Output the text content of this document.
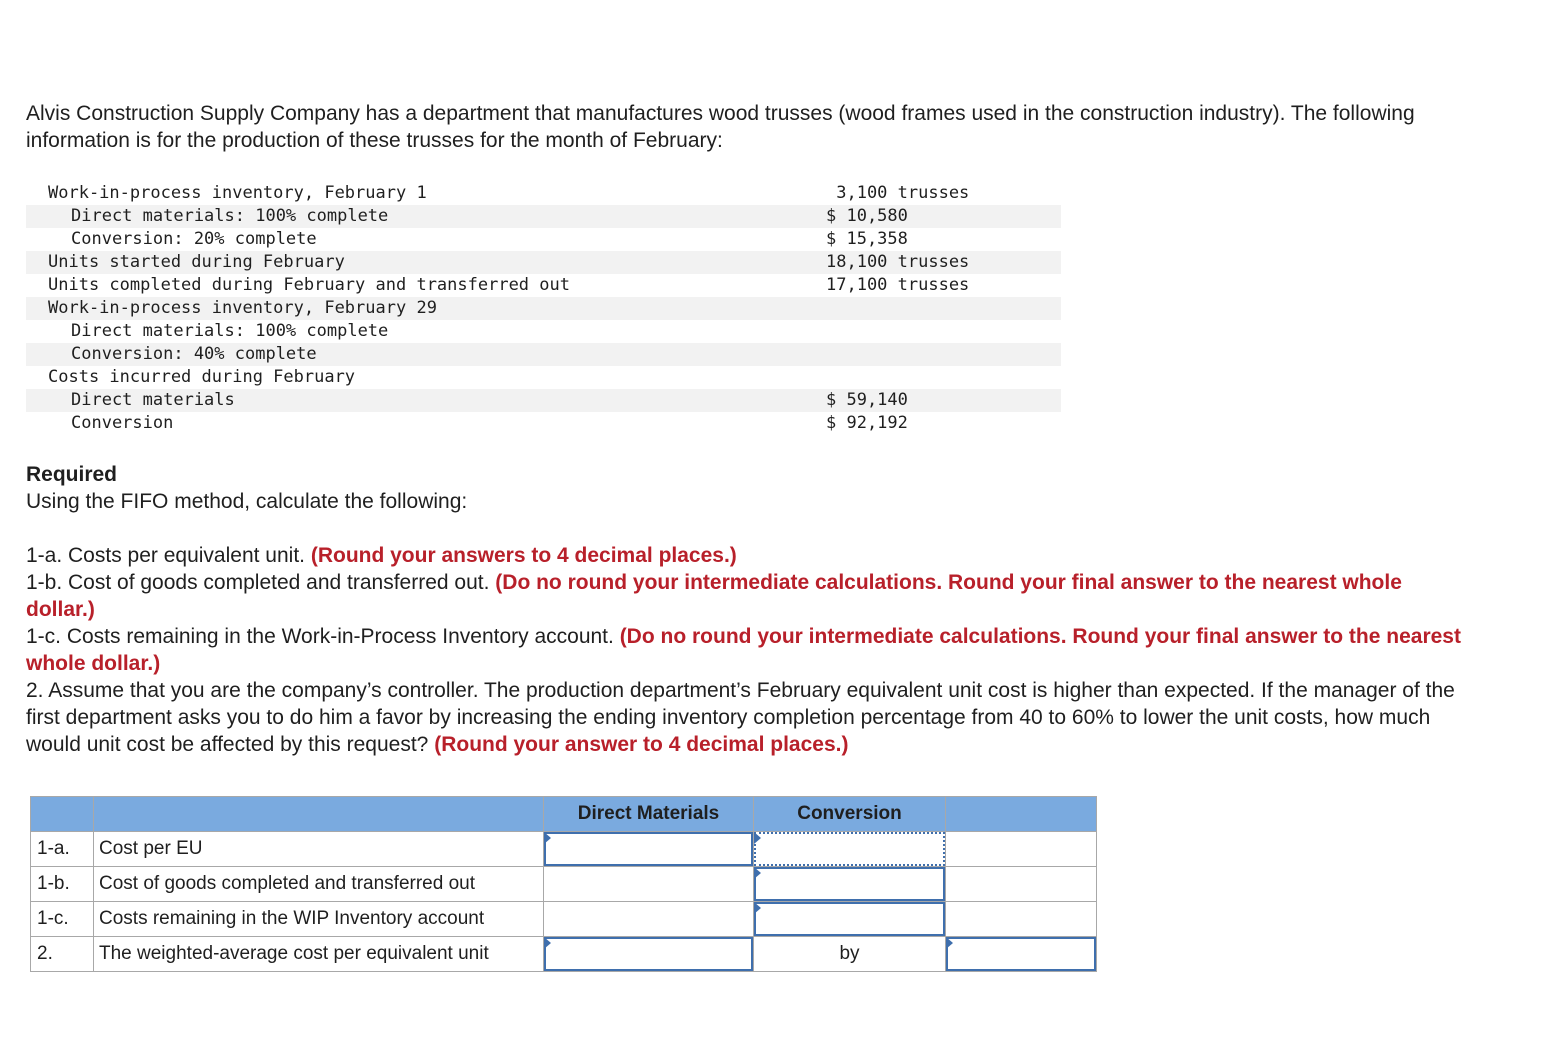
Alvis Construction Supply Company has a department that manufactures wood trusses (wood frames used in the construction industry). The following information is for the production of these trusses for the month of February:

Work-in-process inventory, February 1	3,100 trusses
Direct materials: 100% complete	$ 10,580
Conversion: 20% complete	$ 15,358
Units started during February	18,100 trusses
Units completed during February and transferred out	17,100 trusses
Work-in-process inventory, February 29
Direct materials: 100% complete
Conversion: 40% complete
Costs incurred during February
Direct materials	$ 59,140
Conversion	$ 92,192
Required
Using the FIFO method, calculate the following:
1-a. Costs per equivalent unit. (Round your answers to 4 decimal places.)
1-b. Cost of goods completed and transferred out. (Do no round your intermediate calculations. Round your final answer to the nearest whole dollar.)
1-c. Costs remaining in the Work-in-Process Inventory account. (Do no round your intermediate calculations. Round your final answer to the nearest whole dollar.)
2. Assume that you are the company’s controller. The production department’s February equivalent unit cost is higher than expected. If the manager of the first department asks you to do him a favor by increasing the ending inventory completion percentage from 40 to 60% to lower the unit costs, how much would unit cost be affected by this request? (Round your answer to 4 decimal places.)
		Direct Materials	Conversion	
1-a.	Cost per EU	

1-b.	Cost of goods completed and transferred out		

1-c.	Costs remaining in the WIP Inventory account		

2.	The weighted-average cost per equivalent unit		by	
